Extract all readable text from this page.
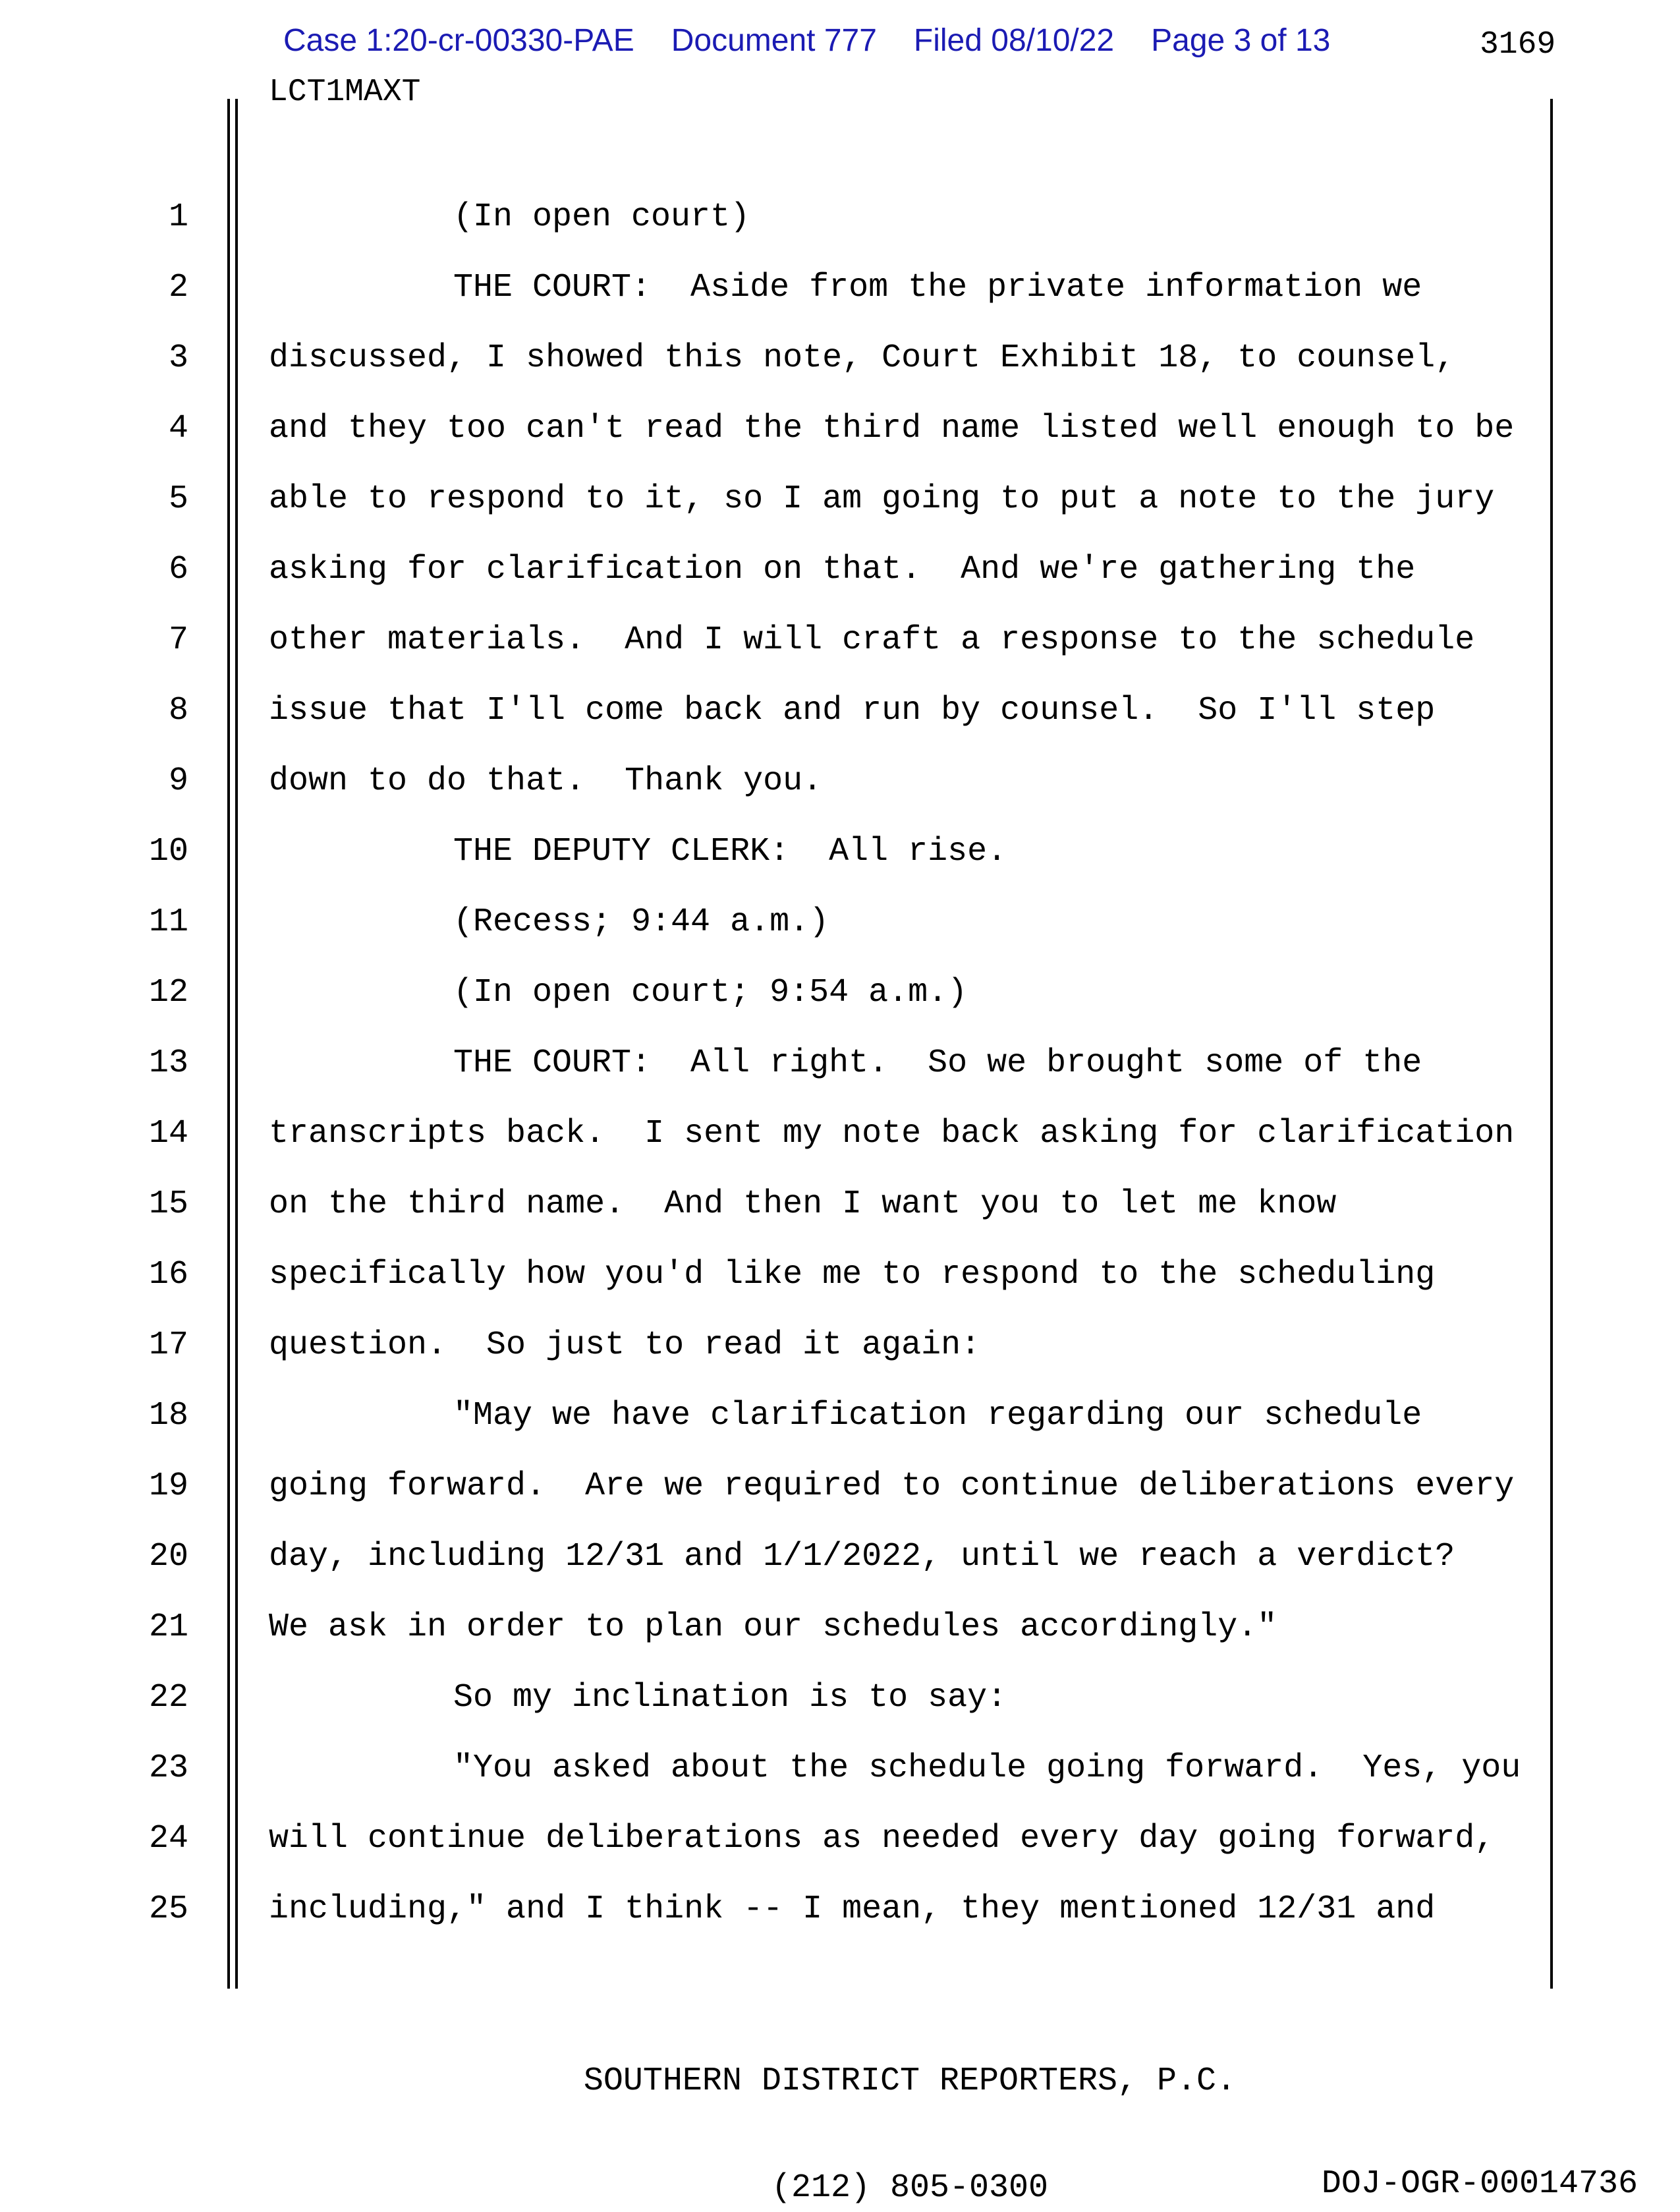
Case 1:20-cr-00330-PAE Document 777 Filed 08/10/22 Page 3 of 13	3169
LCT1MAXT
1	(In open court)
2	THE COURT:  Aside from the private information we
3 discussed, I showed this note, Court Exhibit 18, to counsel,
4 and they too can't read the third name listed well enough to be
5 able to respond to it, so I am going to put a note to the jury
6 asking for clarification on that.  And we're gathering the
7 other materials.  And I will craft a response to the schedule
8 issue that I'll come back and run by counsel.  So I'll step
9 down to do that.  Thank you.
10	THE DEPUTY CLERK:  All rise.
11	(Recess; 9:44 a.m.)
12	(In open court; 9:54 a.m.)
13	THE COURT:  All right.  So we brought some of the
14 transcripts back.  I sent my note back asking for clarification
15 on the third name.  And then I want you to let me know
16 specifically how you'd like me to respond to the scheduling
17 question.  So just to read it again:
18	"May we have clarification regarding our schedule
19 going forward.  Are we required to continue deliberations every
20 day, including 12/31 and 1/1/2022, until we reach a verdict?
21 We ask in order to plan our schedules accordingly."
22	So my inclination is to say:
23	"You asked about the schedule going forward.  Yes, you
24 will continue deliberations as needed every day going forward,
25 including," and I think -- I mean, they mentioned 12/31 and

SOUTHERN DISTRICT REPORTERS, P.C.

(212) 805-0300

	DOJ-OGR-00014736
